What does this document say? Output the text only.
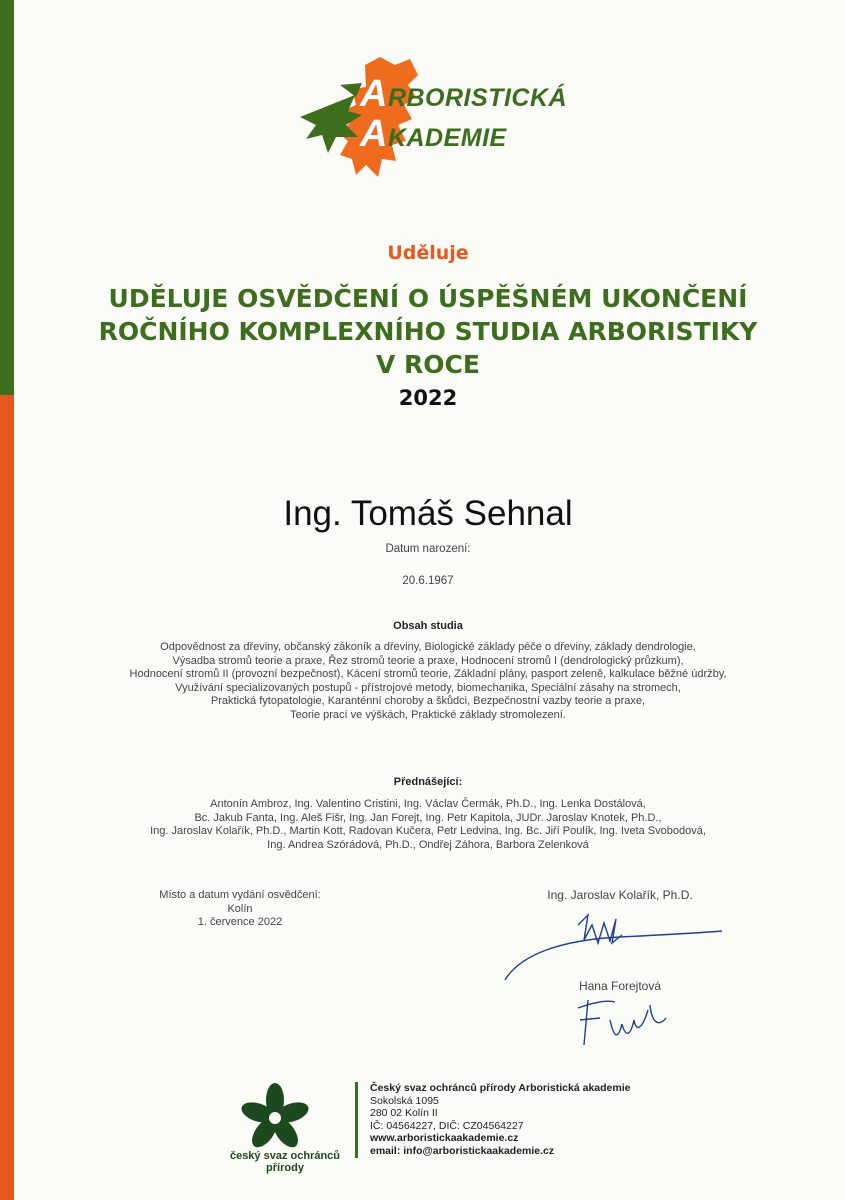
ARBORISTICKÁ
AKADEMIE
Uděluje
UDĚLUJE OSVĚDČENÍ O ÚSPĚŠNÉM UKONČENÍ
ROČNÍHO KOMPLEXNÍHO STUDIA ARBORISTIKY
V ROCE
2022
Ing. Tomáš Sehnal
Datum narození:
20.6.1967
Obsah studia
Odpovědnost za dřeviny, občanský zákoník a dřeviny, Biologické základy péče o dřeviny, základy dendrologie,
Výsadba stromů teorie a praxe, Řez stromů teorie a praxe, Hodnocení stromů I (dendrologický průzkum),
Hodnocení stromů II (provozní bezpečnost), Kácení stromů teorie, Základní plány, pasport zeleně, kalkulace běžné údržby,
Využívání specializovaných postupů - přístrojové metody, biomechanika, Speciální zásahy na stromech,
Praktická fytopatologie, Karanténní choroby a škůdci, Bezpečnostní vazby teorie a praxe,
Teorie prací ve výškách, Praktické základy stromolezení.
Přednášející:
Antonín Ambroz, Ing. Valentino Cristini, Ing. Václav Čermák, Ph.D., Ing. Lenka Dostálová,
Bc. Jakub Fanta, Ing. Aleš Fišr, Ing. Jan Forejt, Ing. Petr Kapitola, JUDr. Jaroslav Knotek, Ph.D.,
Ing. Jaroslav Kolařík, Ph.D., Martin Kott, Radovan Kučera, Petr Ledvina, Ing. Bc. Jiří Poulík, Ing. Iveta Svobodová,
Ing. Andrea Szórádová, Ph.D., Ondřej Záhora, Barbora Zelenková
Místo a datum vydání osvědčení:
Kolín
1. července 2022
Ing. Jaroslav Kolařík, Ph.D.
Hana Forejtová
český svaz ochránců přírody
Český svaz ochránců přírody Arboristická akademie
Sokolská 1095
280 02 Kolín II
IČ: 04564227, DIČ: CZ04564227
www.arboristickaakademie.cz
email: info@arboristickaakademie.cz
